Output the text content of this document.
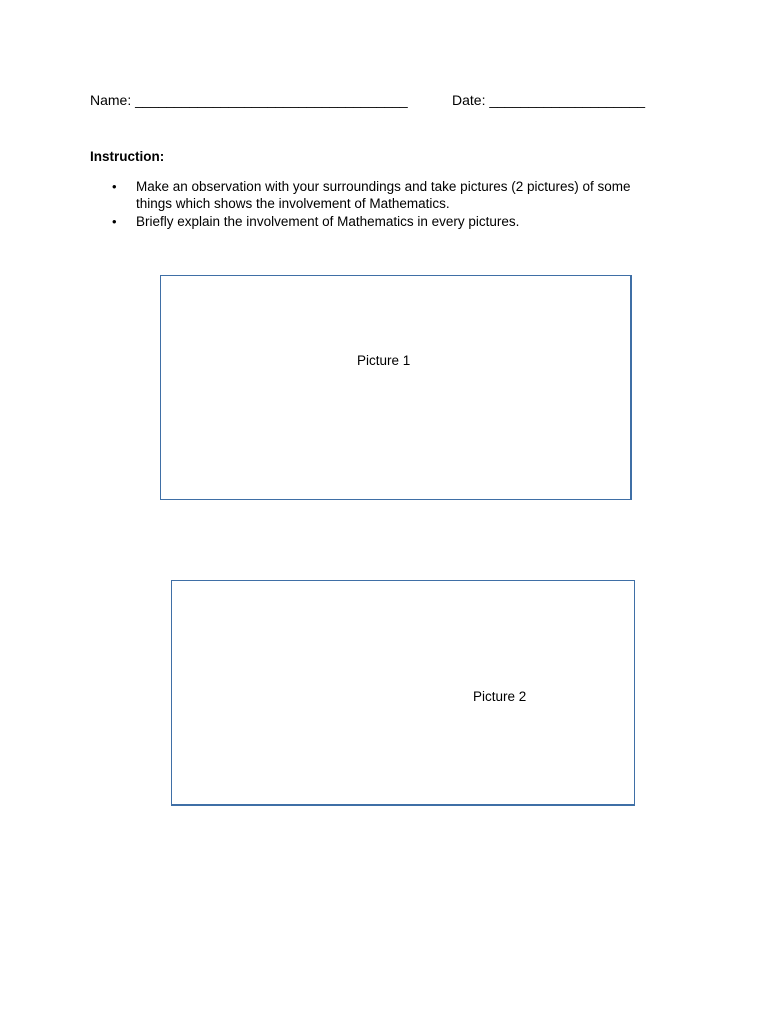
Name: ___________________________________	Date: ____________________
Instruction:
• Make an observation with your surroundings and take pictures (2 pictures) of some things which shows the involvement of Mathematics.
• Briefly explain the involvement of Mathematics in every pictures.
Picture 1
Picture 2
